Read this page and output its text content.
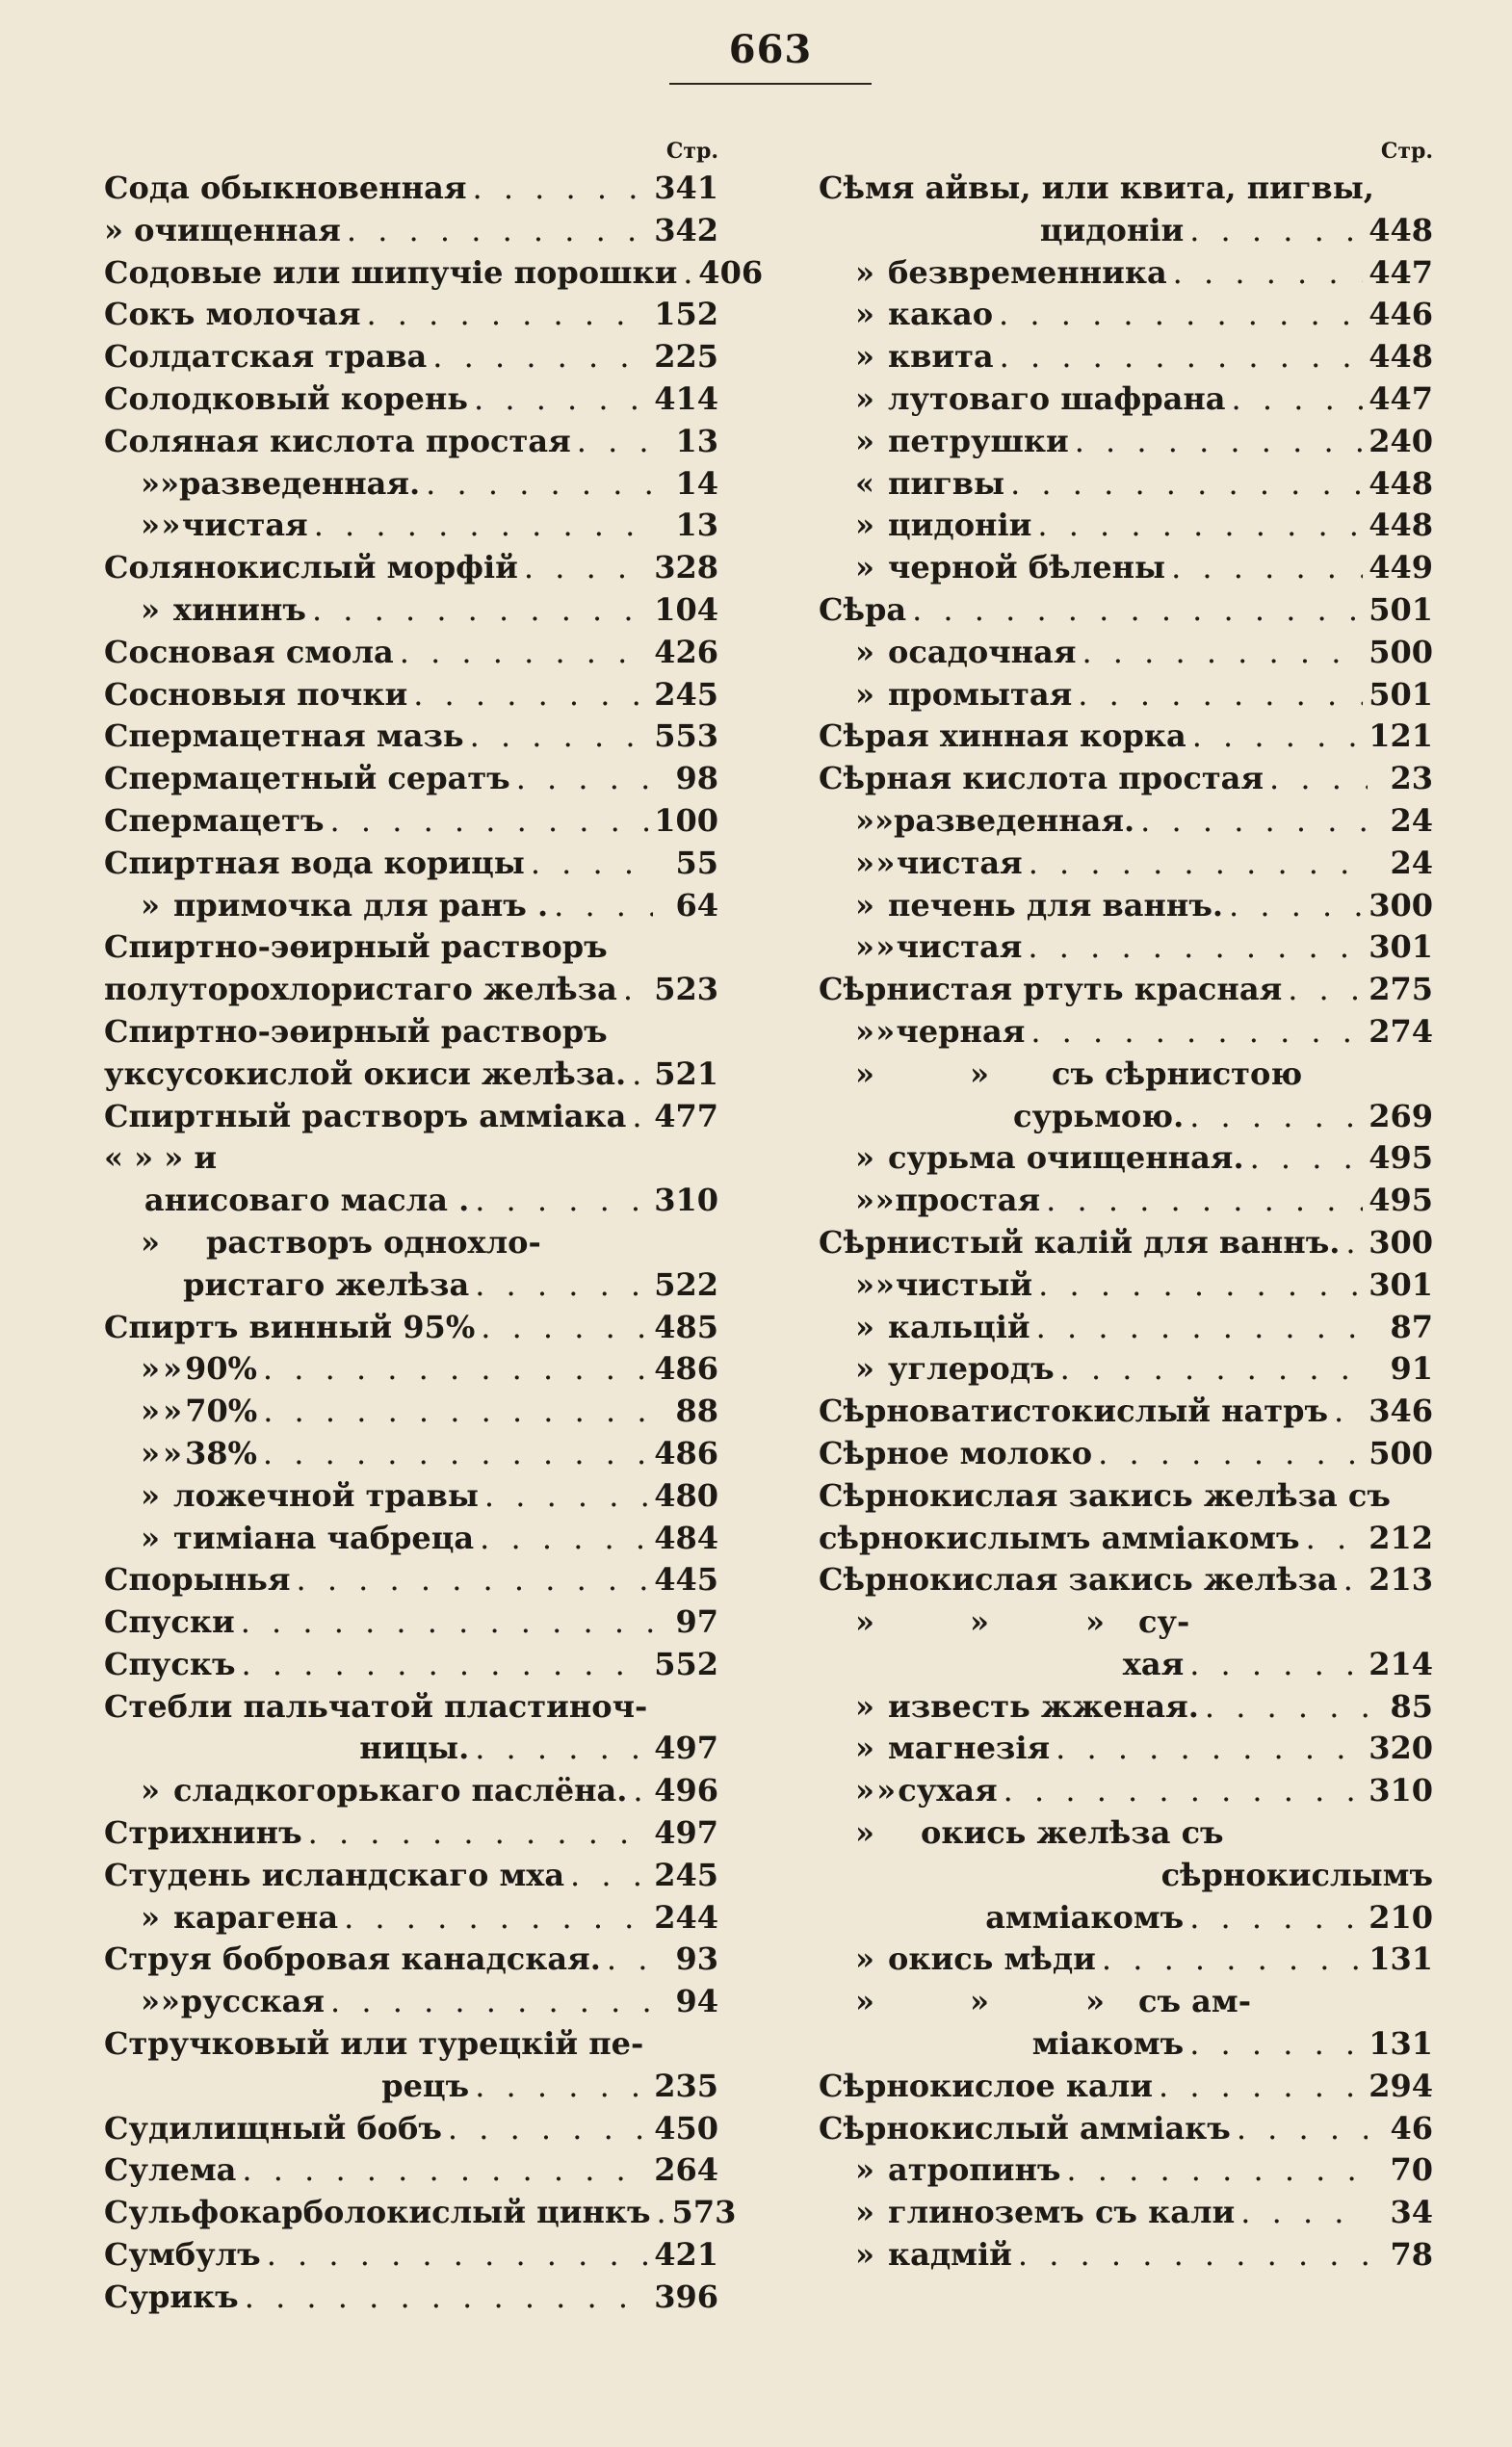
663
Стр.
Сода обыкновенная . . .	341
» очищенная . . .	342
Содовые или шипучіе порошки . . . 406
Сокъ молочая . . .	152
Солдатская трава . . .	225
Солодковый корень . . .	414
Соляная кислота простая . . .	13
» » разведенная. . . .	14
» » чистая . . .	13
Солянокислый морфій . . .	328
» хининъ . . .	104
Сосновая смола . . .	426
Сосновыя почки . . .	245
Спермацетная мазь . . .	553
Спермацетный ceратъ . . .	98
Спермацетъ . . .	100
Спиртная вода корицы . . .	55
» примочка для ранъ . . . .	64
Спиртно-эѳирный растворъ
полуторохлористаго желѣза . . . 523
Спиртно-эѳирный растворъ
уксусокислой окиси желѣза. . . . 521
Спиртный растворъ амміака . . . 477
« » » и
анисоваго масла . . . .	310
»	растворъ однохло-
ристаго желѣза . . .	522
Спиртъ винный 95% . . .	485
» » 90% . . .	486
» » 70% . . .	88
» » 38% . . .	486
» ложечной травы . . .	480
» тиміана чабреца . . .	484
Спорынья . . .	445
Спуски . . .	97
Спускъ . . .	552
Стебли пальчатой пластиноч-
ницы. . . .	497
» сладкогорькаго паслёна. . . . 496
Стрихнинъ . . .	497
Студень исландскаго мха . . .	245
» карагена . . .	244
Струя бобровая канадская. . . .	93
» » русская . . .	94
Стручковый или турецкій пе-
рецъ . . .	235
Судилищный бобъ . . .	450
Сулема . . .	264
Сульфокарболокислый цинкъ . . . 573
Сумбулъ . . .	421
Сурикъ . . .	396
Стр.
Сѣмя айвы, или квита, пигвы,
цидоніи . . .	448
» безвременника . . .	447
» какао . . .	446
» квита . . .	448
» лутоваго шафрана . . .	447
» петрушки . . .	240
« пигвы . . .	448
» цидоніи . . .	448
» черной бѣлены . . .	449
Сѣра . . .	501
» осадочная . . .	500
» промытая . . .	501
Сѣрая хинная корка . . .	121
Сѣрная кислота простая . . .	23
» » разведенная. . . .	24
» » чистая . . .	24
» печень для ваннъ. . . .	300
» » чистая . . .	301
Сѣрнистая ртуть красная . . .	275
» » черная . . .	274
»	»	съ сѣрнистою
сурьмою. . . .	269
» сурьма очищенная. . . .	495
» » простая . . .	495
Сѣрнистый калій для ваннъ. . . . 300
» » чистый . . .	301
» кальцій . . .	87
» углеродъ . . .	91
Сѣрноватистокислый натръ . . . 346
Сѣрное молоко . . .	500
Сѣрнокислая закись желѣза съ
сѣрнокислымъ амміакомъ . . . 212
Сѣрнокислая закись желѣза . . . 213
»	»	»	су-
хая . . .	214
» известь жженая. . . .	85
» магнезія . . .	320
» » сухая . . .	310
»	окись желѣза съ
сѣрнокислымъ
амміакомъ . . .	210
» окись мѣди . . .	131
»	»	»	съ ам-
міакомъ . . .	131
Сѣрнокислое кали . . .	294
Сѣрнокислый амміакъ . . .	46
» атропинъ . . .	70
» глиноземъ съ кали . . .	34
» кадмій . . .	78
